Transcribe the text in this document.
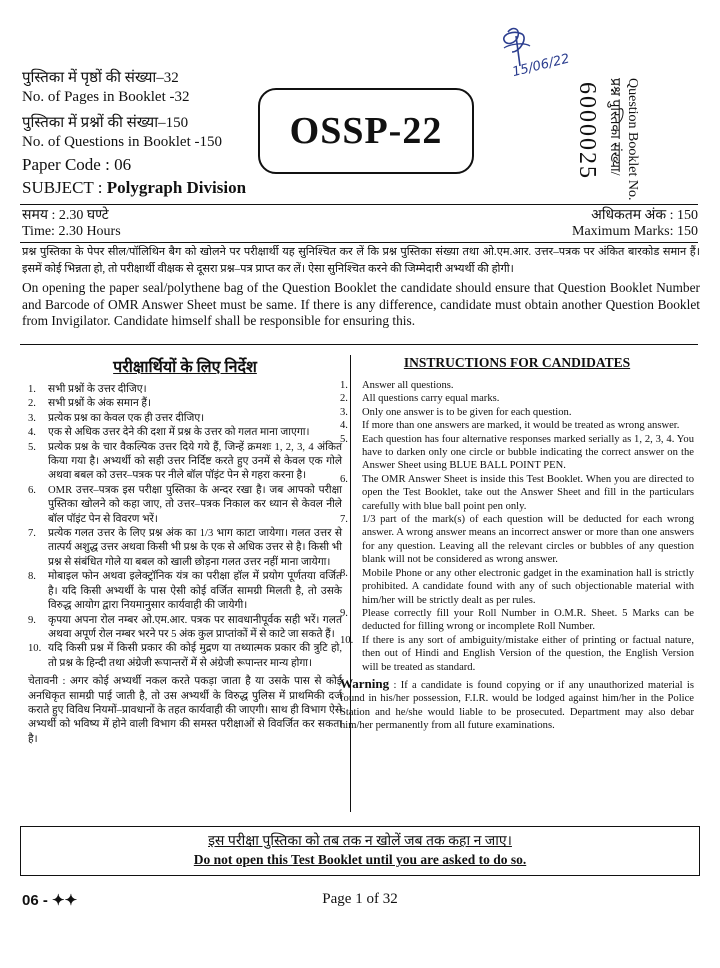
पुस्तिका में पृष्ठों की संख्या–32
No. of Pages in Booklet -32
पुस्तिका में प्रश्नों की संख्या–150
No. of Questions in Booklet -150
Paper Code : 06
SUBJECT : Polygraph Division
OSSP-22
15/06/22
6000025 प्रश्न पुस्तिका संख्या/ Question Booklet No.
समय : 2.30 घण्टे
Time: 2.30 Hours
अधिकतम अंक : 150
Maximum Marks: 150

प्रश्न पुस्तिका के पेपर सील/पॉलिथिन बैग को खोलने पर परीक्षार्थी यह सुनिश्चित कर लें कि प्रश्न पुस्तिका संख्या तथा ओ.एम.आर. उत्तर–पत्रक पर अंकित बारकोड समान हैं। इसमें कोई भिन्नता हो, तो परीक्षार्थी वीक्षक से दूसरा प्रश्न–पत्र प्राप्त कर लें। ऐसा सुनिश्चित करने की जिम्मेदारी अभ्यर्थी की होगी।

On opening the paper seal/polythene bag of the Question Booklet the candidate should ensure that Question Booklet Number and Barcode of OMR Answer Sheet must be same. If there is any difference, candidate must obtain another Question Booklet from Invigilator. Candidate himself shall be responsible for ensuring this.

परीक्षार्थियों के लिए निर्देश
1.	सभी प्रश्नों के उत्तर दीजिए।
2.	सभी प्रश्नों के अंक समान हैं।
3.	प्रत्येक प्रश्न का केवल एक ही उत्तर दीजिए।
4.	एक से अधिक उत्तर देने की दशा में प्रश्न के उत्तर को गलत माना जाएगा।
5.	प्रत्येक प्रश्न के चार वैकल्पिक उत्तर दिये गये हैं, जिन्हें क्रमशः 1, 2, 3, 4 अंकित किया गया है। अभ्यर्थी को सही उत्तर निर्दिष्ट करते हुए उनमें से केवल एक गोले अथवा बबल को उत्तर–पत्रक पर नीले बॉल पॉइंट पेन से गहरा करना है।
6.	OMR उत्तर–पत्रक इस परीक्षा पुस्तिका के अन्दर रखा है। जब आपको परीक्षा पुस्तिका खोलने को कहा जाए, तो उत्तर–पत्रक निकाल कर ध्यान से केवल नीले बॉल पॉइंट पेन से विवरण भरें।
7.	प्रत्येक गलत उत्तर के लिए प्रश्न अंक का 1/3 भाग काटा जायेगा। गलत उत्तर से तात्पर्य अशुद्ध उत्तर अथवा किसी भी प्रश्न के एक से अधिक उत्तर से है। किसी भी प्रश्न से संबंधित गोले या बबल को खाली छोड़ना गलत उत्तर नहीं माना जायेगा।
8.	मोबाइल फोन अथवा इलेक्ट्रॉनिक यंत्र का परीक्षा हॉल में प्रयोग पूर्णतया वर्जित है। यदि किसी अभ्यर्थी के पास ऐसी कोई वर्जित सामग्री मिलती है, तो उसके विरुद्ध आयोग द्वारा नियमानुसार कार्यवाही की जायेगी।
9.	कृपया अपना रोल नम्बर ओ.एम.आर. पत्रक पर सावधानीपूर्वक सही भरें। गलत अथवा अपूर्ण रोल नम्बर भरने पर 5 अंक कुल प्राप्तांकों में से काटे जा सकते हैं।
10. यदि किसी प्रश्न में किसी प्रकार की कोई मुद्रण या तथ्यात्मक प्रकार की त्रुटि हो, तो प्रश्न के हिन्दी तथा अंग्रेजी रूपान्तरों में से अंग्रेजी रूपान्तर मान्य होगा।
चेतावनी : अगर कोई अभ्यर्थी नकल करते पकड़ा जाता है या उसके पास से कोई अनधिकृत सामग्री पाई जाती है, तो उस अभ्यर्थी के विरुद्ध पुलिस में प्राथमिकी दर्ज कराते हुए विविध नियमों–प्रावधानों के तहत कार्यवाही की जाएगी। साथ ही विभाग ऐसे अभ्यर्थी को भविष्य में होने वाली विभाग की समस्त परीक्षाओं से विवर्जित कर सकता है।
INSTRUCTIONS FOR CANDIDATES
1.	Answer all questions.
2.	All questions carry equal marks.
3.	Only one answer is to be given for each question.
4.	If more than one answers are marked, it would be treated as wrong answer.
5.	Each question has four alternative responses marked serially as 1, 2, 3, 4. You have to darken only one circle or bubble indicating the correct answer on the Answer Sheet using BLUE BALL POINT PEN.
6.	The OMR Answer Sheet is inside this Test Booklet. When you are directed to open the Test Booklet, take out the Answer Sheet and fill in the particulars carefully with blue ball point pen only.
7.	1/3 part of the mark(s) of each question will be deducted for each wrong answer. A wrong answer means an incorrect answer or more than one answers for any question. Leaving all the relevant circles or bubbles of any question blank will not be considered as wrong answer.
8.	Mobile Phone or any other electronic gadget in the examination hall is strictly prohibited. A candidate found with any of such objectionable material with him/her will be strictly dealt as per rules.
9.	Please correctly fill your Roll Number in O.M.R. Sheet. 5 Marks can be deducted for filling wrong or incomplete Roll Number.
10. If there is any sort of ambiguity/mistake either of printing or factual nature, then out of Hindi and English Version of the question, the English Version will be treated as standard.
Warning : If a candidate is found copying or if any unauthorized material is found in his/her possession, F.I.R. would be lodged against him/her in the Police Station and he/she would liable to be prosecuted. Department may also debar him/her permanently from all future examinations.
इस परीक्षा पुस्तिका को तब तक न खोलें जब तक कहा न जाए।
Do not open this Test Booklet until you are asked to do so.
06 - ✦✦	Page 1 of 32
